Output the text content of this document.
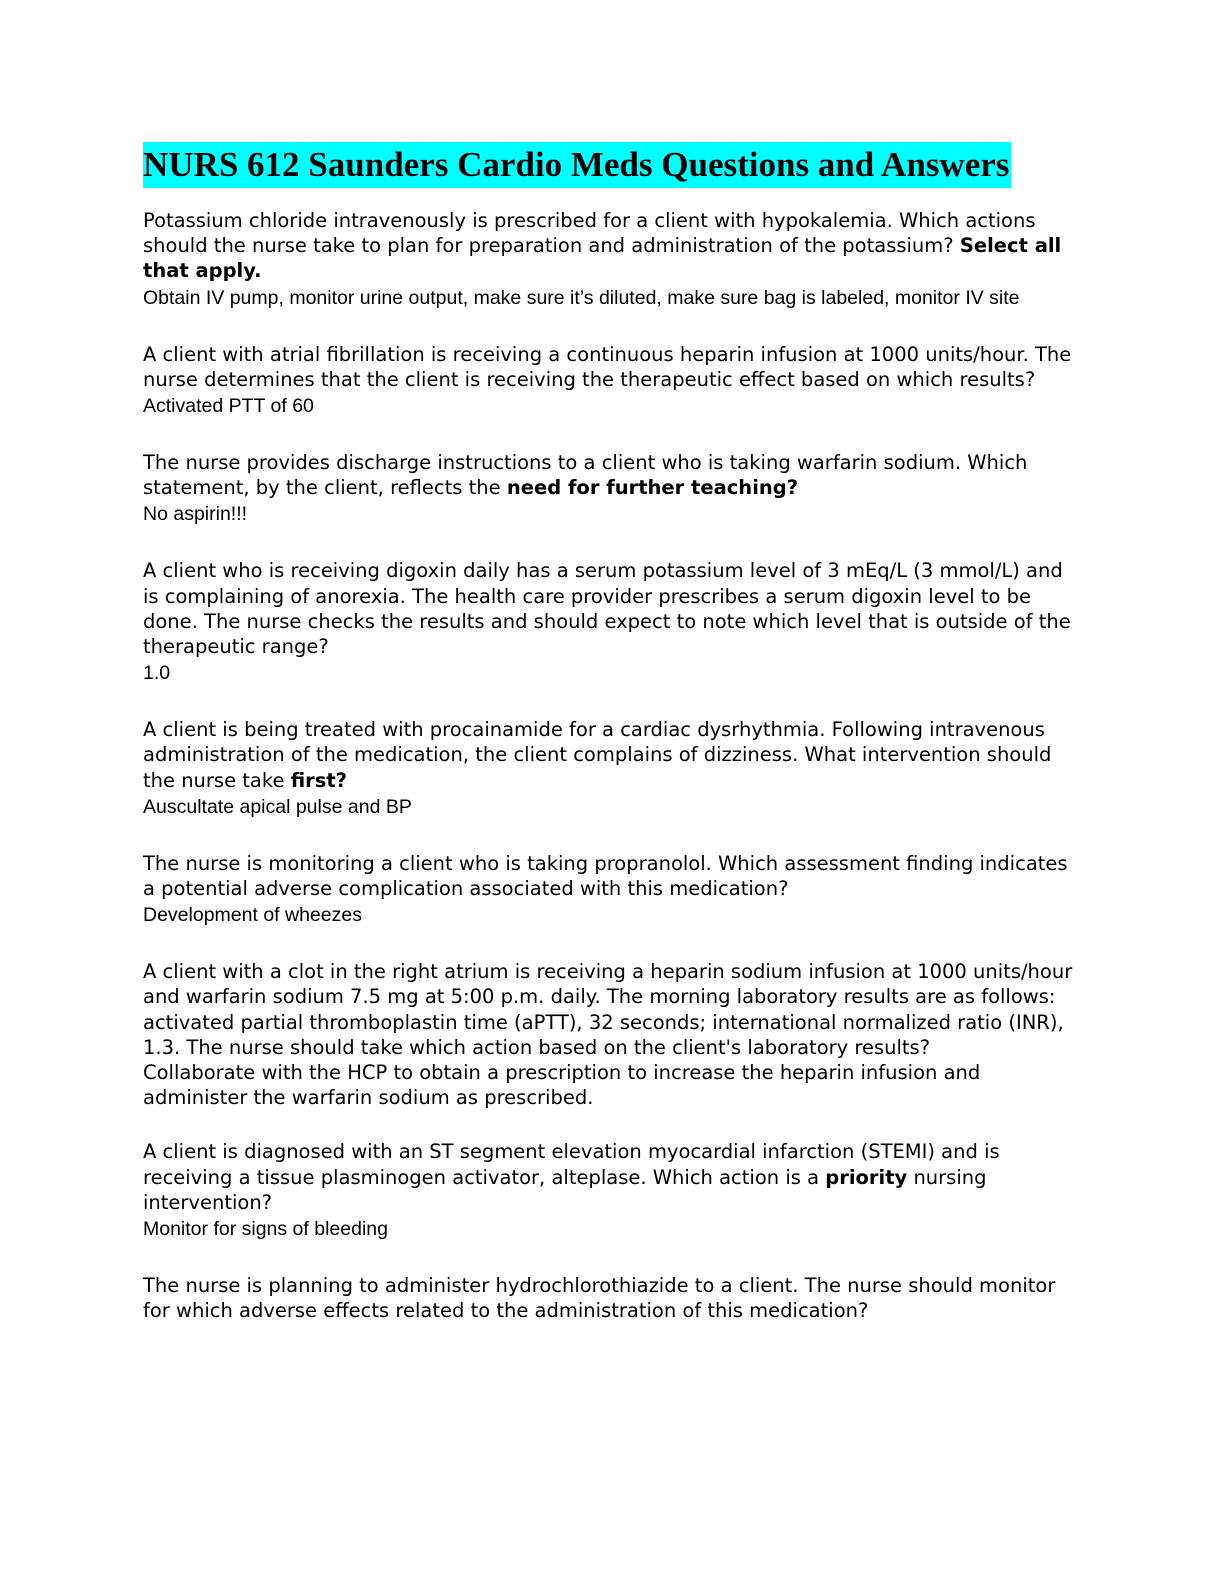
NURS 612 Saunders Cardio Meds Questions and Answers

Potassium chloride intravenously is prescribed for a client with hypokalemia. Which actions should the nurse take to plan for preparation and administration of the potassium? Select all that apply.

Obtain IV pump, monitor urine output, make sure it’s diluted, make sure bag is labeled, monitor IV site

A client with atrial fibrillation is receiving a continuous heparin infusion at 1000 units/hour. The nurse determines that the client is receiving the therapeutic effect based on which results?

Activated PTT of 60

The nurse provides discharge instructions to a client who is taking warfarin sodium. Which statement, by the client, reflects the need for further teaching?

No aspirin!!!

A client who is receiving digoxin daily has a serum potassium level of 3 mEq/L (3 mmol/L) and is complaining of anorexia. The health care provider prescribes a serum digoxin level to be done. The nurse checks the results and should expect to note which level that is outside of the therapeutic range?

1.0

A client is being treated with procainamide for a cardiac dysrhythmia. Following intravenous administration of the medication, the client complains of dizziness. What intervention should the nurse take first?

Auscultate apical pulse and BP

The nurse is monitoring a client who is taking propranolol. Which assessment finding indicates a potential adverse complication associated with this medication?

Development of wheezes

A client with a clot in the right atrium is receiving a heparin sodium infusion at 1000 units/hour and warfarin sodium 7.5 mg at 5:00 p.m. daily. The morning laboratory results are as follows: activated partial thromboplastin time (aPTT), 32 seconds; international normalized ratio (INR), 1.3. The nurse should take which action based on the client's laboratory results?

Collaborate with the HCP to obtain a prescription to increase the heparin infusion and administer the warfarin sodium as prescribed.

A client is diagnosed with an ST segment elevation myocardial infarction (STEMI) and is receiving a tissue plasminogen activator, alteplase. Which action is a priority nursing intervention?

Monitor for signs of bleeding

The nurse is planning to administer hydrochlorothiazide to a client. The nurse should monitor for which adverse effects related to the administration of this medication?
